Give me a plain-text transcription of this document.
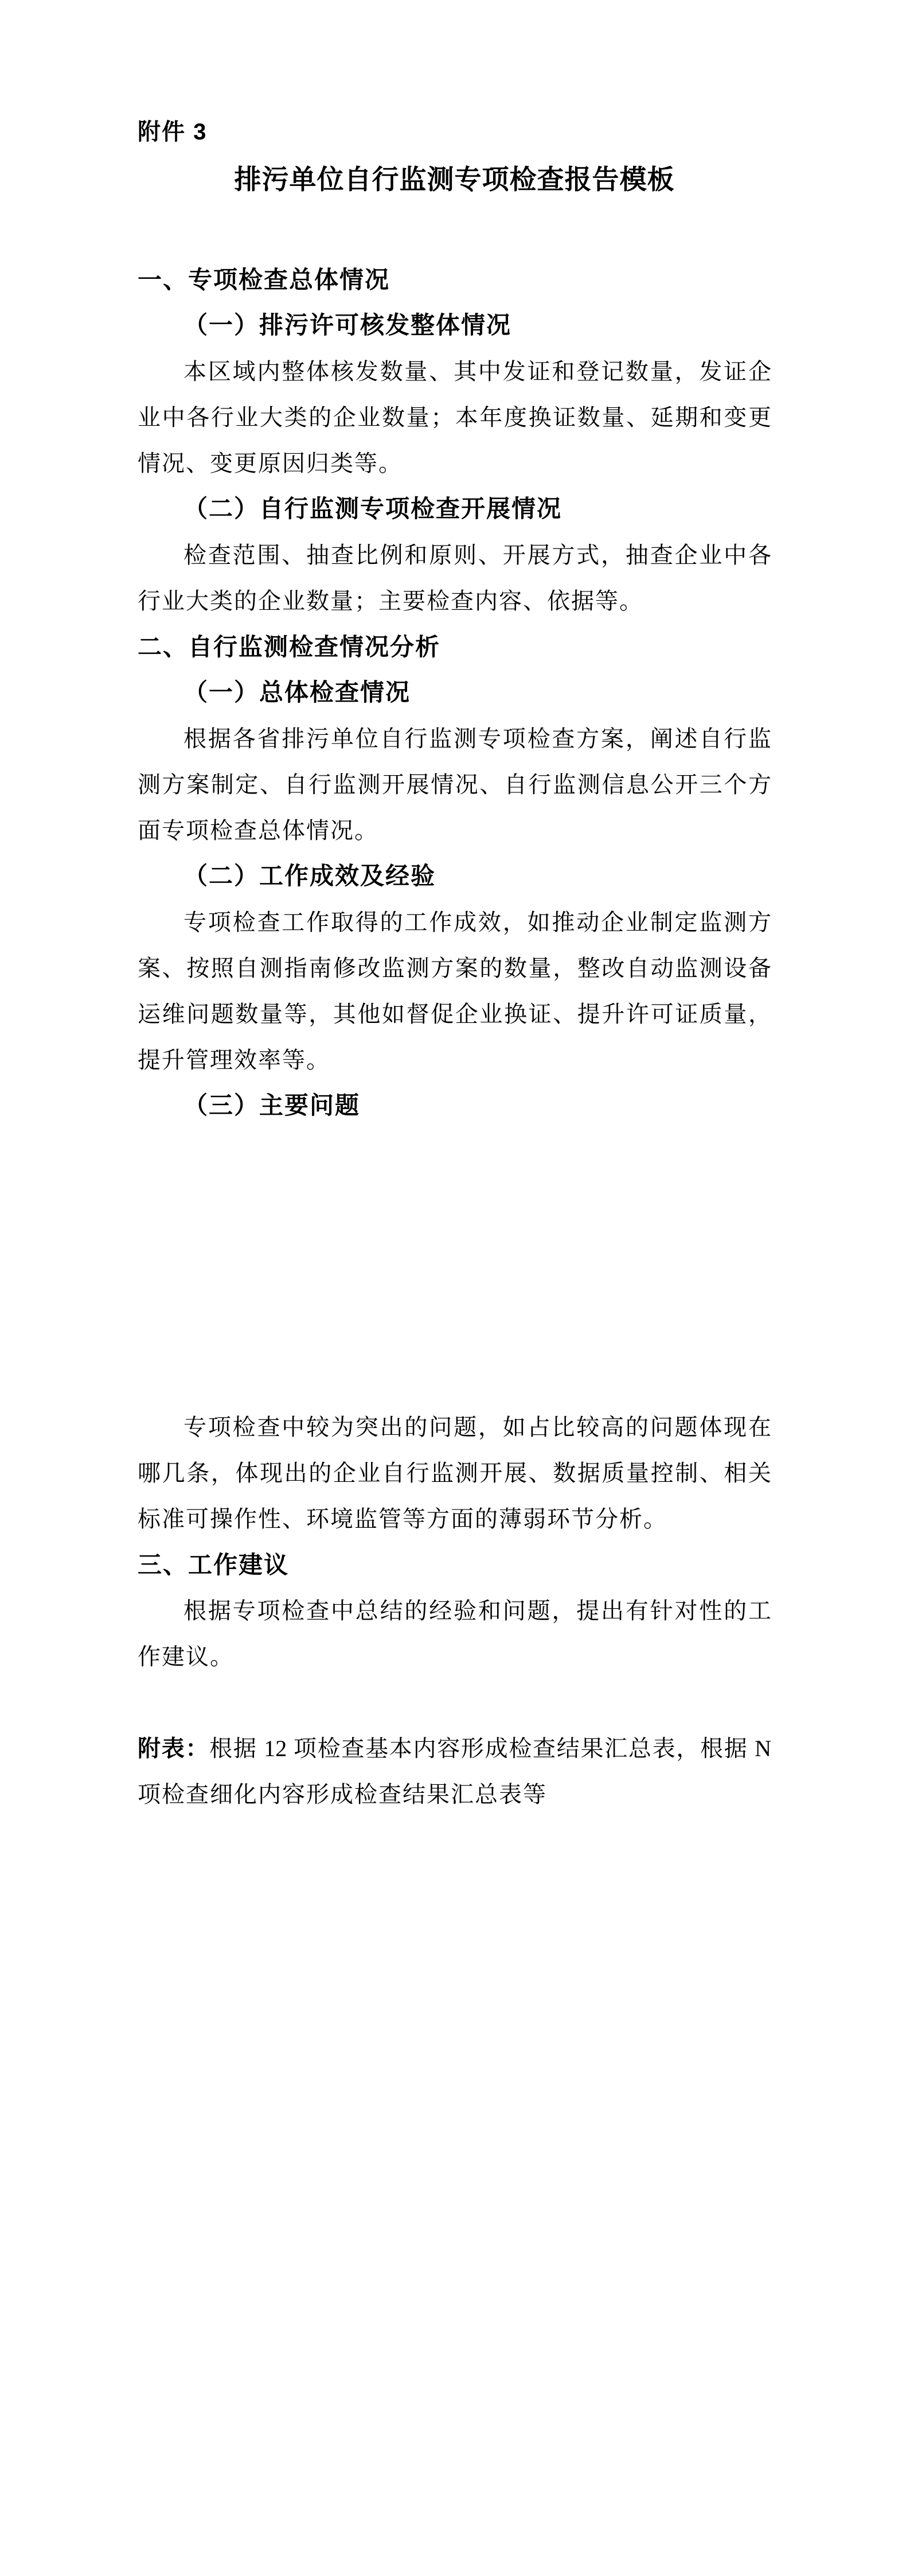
附件 3
排污单位自行监测专项检查报告模板
一、专项检查总体情况
（一）排污许可核发整体情况
本区域内整体核发数量、其中发证和登记数量，发证企
业中各行业大类的企业数量；本年度换证数量、延期和变更
情况、变更原因归类等。
（二）自行监测专项检查开展情况
检查范围、抽查比例和原则、开展方式，抽查企业中各
行业大类的企业数量；主要检查内容、依据等。
二、自行监测检查情况分析
（一）总体检查情况
根据各省排污单位自行监测专项检查方案，阐述自行监
测方案制定、自行监测开展情况、自行监测信息公开三个方
面专项检查总体情况。
（二）工作成效及经验
专项检查工作取得的工作成效，如推动企业制定监测方
案、按照自测指南修改监测方案的数量，整改自动监测设备
运维问题数量等，其他如督促企业换证、提升许可证质量，
提升管理效率等。
（三）主要问题
专项检查中较为突出的问题，如占比较高的问题体现在
哪几条，体现出的企业自行监测开展、数据质量控制、相关
标准可操作性、环境监管等方面的薄弱环节分析。
三、工作建议
根据专项检查中总结的经验和问题，提出有针对性的工
作建议。
附表：根据 12 项检查基本内容形成检查结果汇总表，根据 N
项检查细化内容形成检查结果汇总表等
